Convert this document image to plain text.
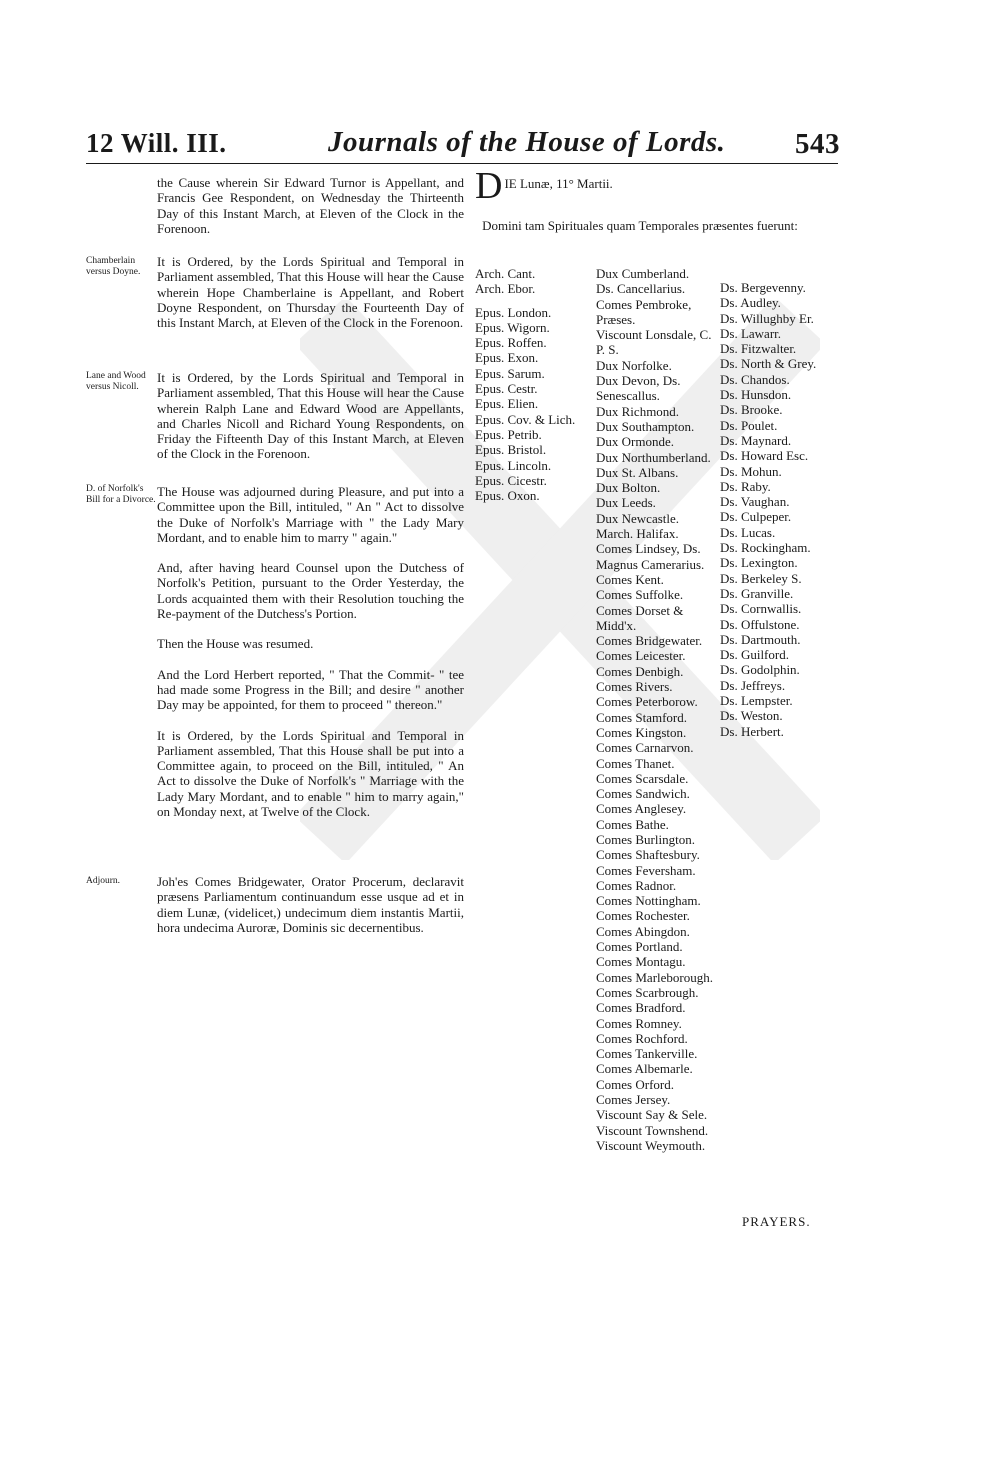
12 Will. III.	Journals of the House of Lords. 543

the Cause wherein Sir Edward Turnor is Appellant, and Francis Gee Respondent, on Wednesday the Thirteenth Day of this Instant March, at Eleven of the Clock in the Forenoon.

Chamberlain versus Doyne.

It is Ordered, by the Lords Spiritual and Temporal in Parliament assembled, That this House will hear the Cause wherein Hope Chamberlaine is Appellant, and Robert Doyne Respondent, on Thursday the Fourteenth Day of this Instant March, at Eleven of the Clock in the Forenoon.

Lane and Wood versus Nicoll.

It is Ordered, by the Lords Spiritual and Temporal in Parliament assembled, That this House will hear the Cause wherein Ralph Lane and Edward Wood are Appellants, and Charles Nicoll and Richard Young Respondents, on Friday the Fifteenth Day of this Instant March, at Eleven of the Clock in the Forenoon.

D. of Norfolk's Bill for a Divorce.

The House was adjourned during Pleasure, and put into a Committee upon the Bill, intituled, " An " Act to dissolve the Duke of Norfolk's Marriage with " the Lady Mary Mordant, and to enable him to marry " again."

And, after having heard Counsel upon the Dutchess of Norfolk's Petition, pursuant to the Order Yesterday, the Lords acquainted them with their Resolution touching the Re-payment of the Dutchess's Portion.

Then the House was resumed.

And the Lord Herbert reported, " That the Commit- " tee had made some Progress in the Bill; and desire " another Day may be appointed, for them to proceed " thereon."

It is Ordered, by the Lords Spiritual and Temporal in Parliament assembled, That this House shall be put into a Committee again, to proceed on the Bill, intituled, " An Act to dissolve the Duke of Norfolk's " Marriage with the Lady Mary Mordant, and to enable " him to marry again," on Monday next, at Twelve of the Clock.

Adjourn.	Joh'es Comes Bridgewater, Orator Procerum, declaravit præsens Parliamentum continuandum esse usque ad et in diem Lunæ, (videlicet,) undecimum diem instantis Martii, hora undecima Auroræ, Dominis sic decernentibus.

D IE Lunæ, 11° Martii.
Domini tam Spirituales quam Temporales præsentes fuerunt:
Arch. Cant.
Arch. Ebor.
Epus. London.
Epus. Wigorn.
Epus. Roffen.
Epus. Exon.
Epus. Sarum.
Epus. Cestr.
Epus. Elien.
Epus. Cov. & Lich.
Epus. Petrib.
Epus. Bristol.
Epus. Lincoln.
Epus. Cicestr.
Epus. Oxon.
Dux Cumberland.
Ds. Cancellarius.
Comes Pembroke, Præses.
Viscount Lonsdale, C. P. S.
Dux Norfolke.
Dux Devon, Ds. Senescallus.
Dux Richmond.
Dux Southampton.
Dux Ormonde.
Dux Northumberland.
Dux St. Albans.
Dux Bolton.
Dux Leeds.
Dux Newcastle.
March. Halifax.
Comes Lindsey, Ds. Magnus Camerarius.
Comes Kent.
Comes Suffolke.
Comes Dorset & Midd'x.
Comes Bridgewater.
Comes Leicester.
Comes Denbigh.
Comes Rivers.
Comes Peterborow.
Comes Stamford.
Comes Kingston.
Comes Carnarvon.
Comes Thanet.
Comes Scarsdale.
Comes Sandwich.
Comes Anglesey.
Comes Bathe.
Comes Burlington.
Comes Shaftesbury.
Comes Feversham.
Comes Radnor.
Comes Nottingham.
Comes Rochester.
Comes Abingdon.
Comes Portland.
Comes Montagu.
Comes Marleborough.
Comes Scarbrough.
Comes Bradford.
Comes Romney.
Comes Rochford.
Comes Tankerville.
Comes Albemarle.
Comes Orford.
Comes Jersey.
Viscount Say & Sele.
Viscount Townshend.
Viscount Weymouth.
Ds. Bergevenny.
Ds. Audley.
Ds. Willughby Er.
Ds. Lawarr.
Ds. Fitzwalter.
Ds. North & Grey.
Ds. Chandos.
Ds. Hunsdon.
Ds. Brooke.
Ds. Poulet.
Ds. Maynard.
Ds. Howard Esc.
Ds. Mohun.
Ds. Raby.
Ds. Vaughan.
Ds. Culpeper.
Ds. Lucas.
Ds. Rockingham.
Ds. Lexington.
Ds. Berkeley S.
Ds. Granville.
Ds. Cornwallis.
Ds. Offulstone.
Ds. Dartmouth.
Ds. Guilford.
Ds. Godolphin.
Ds. Jeffreys.
Ds. Lempster.
Ds. Weston.
Ds. Herbert.
PRAYERS.
